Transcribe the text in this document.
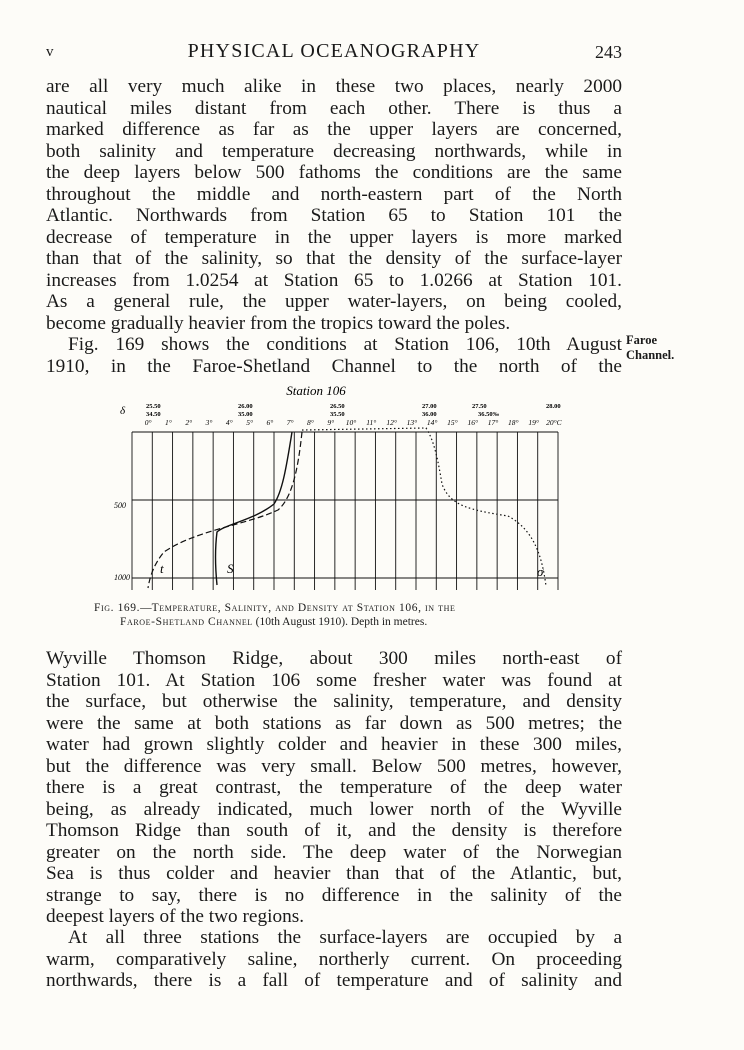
v	PHYSICAL OCEANOGRAPHY	243

are all very much alike in these two places, nearly 2000
nautical miles distant from each other. There is thus a
marked difference as far as the upper layers are concerned,
both salinity and temperature decreasing northwards, while in
the deep layers below 500 fathoms the conditions are the same
throughout the middle and north-eastern part of the North
Atlantic. Northwards from Station 65 to Station 101 the
decrease of temperature in the upper layers is more marked
than that of the salinity, so that the density of the surface-layer
increases from 1.0254 at Station 65 to 1.0266 at Station 101.
As a general rule, the upper water-layers, on being cooled,
become gradually heavier from the tropics toward the poles.

Fig. 169 shows the conditions at Station 106, 10th August
1910, in the Faroe-Shetland Channel to the north of the

Faroe
Channel.
Station 106
25.50
34.50
26.00
35.00
26.50
35.50
27.00
36.00
27.50
36.50‰
28.00
0° 1° 2° 3° 4° 5° 6° 7° 8° 9° 10° 11° 12° 13° 14° 15° 16° 17° 18° 19° 20°C
δ
500
1000
t	S	σ
Fig. 169.—Temperature, Salinity, and Density at Station 106, in the
Faroe-Shetland Channel (10th August 1910). Depth in metres.

Wyville Thomson Ridge, about 300 miles north-east of
Station 101. At Station 106 some fresher water was found at
the surface, but otherwise the salinity, temperature, and density
were the same at both stations as far down as 500 metres; the
water had grown slightly colder and heavier in these 300 miles,
but the difference was very small. Below 500 metres, however,
there is a great contrast, the temperature of the deep water
being, as already indicated, much lower north of the Wyville
Thomson Ridge than south of it, and the density is therefore
greater on the north side. The deep water of the Norwegian
Sea is thus colder and heavier than that of the Atlantic, but,
strange to say, there is no difference in the salinity of the
deepest layers of the two regions.

At all three stations the surface-layers are occupied by a
warm, comparatively saline, northerly current. On proceeding
northwards, there is a fall of temperature and of salinity and
